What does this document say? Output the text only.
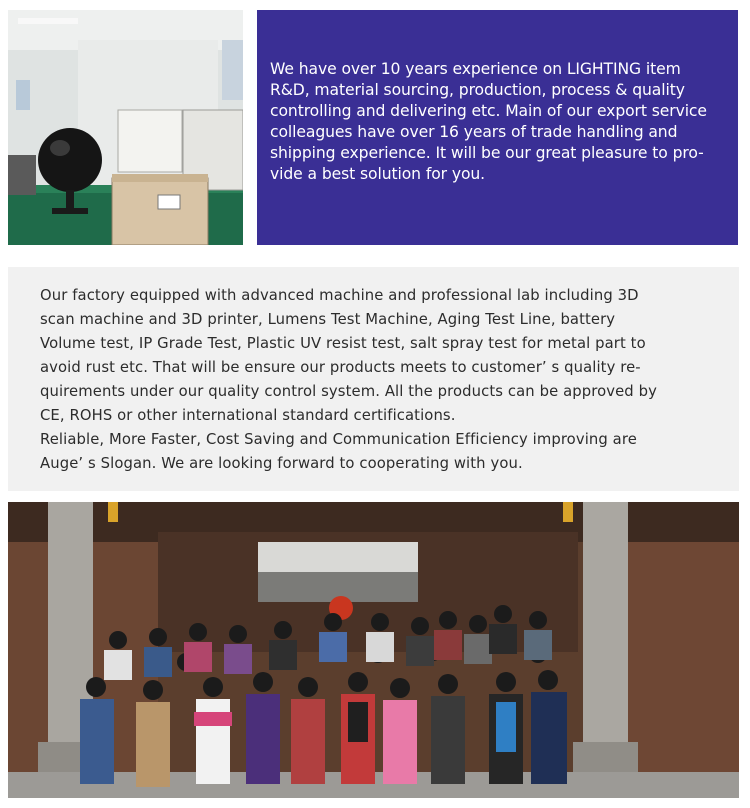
We have over 10 years experience on LIGHTING item
R&D, material sourcing, production, process & quality
controlling and delivering etc. Main of our export service
colleagues have over 16 years of trade handling and
shipping experience. It will be our great pleasure to pro-
vide a best solution for you.

Our factory equipped with advanced machine and professional lab including 3D
scan machine and 3D printer, Lumens Test Machine, Aging Test Line, battery
Volume test, IP Grade Test, Plastic UV resist test, salt spray test for metal part to
avoid rust etc. That will be ensure our products meets to customer’ s quality re-
quirements under our quality control system. All the products can be approved by
CE, ROHS or other international standard certifications.
Reliable, More Faster, Cost Saving and Communication Efficiency improving are
Auge’ s Slogan. We are looking forward to cooperating with you.
